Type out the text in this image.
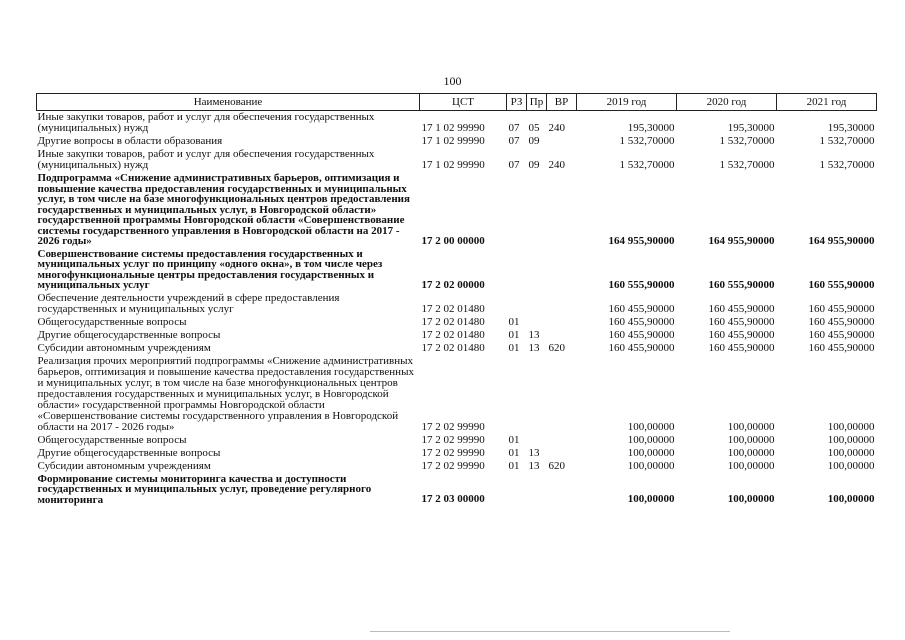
100
Наименование	ЦСТ	РЗ	Пр	ВР	2019 год	2020 год	2021 год
Иные закупки товаров, работ и услуг для обеспечения государственных (муниципальных) нужд	17 1 02 99990	07	05	240	195,30000	195,30000	195,30000
Другие вопросы в области образования	17 1 02 99990	07	09		1 532,70000	1 532,70000	1 532,70000
Иные закупки товаров, работ и услуг для обеспечения государственных (муниципальных) нужд	17 1 02 99990	07	09	240	1 532,70000	1 532,70000	1 532,70000
Подпрограмма «Снижение административных барьеров, оптимизация и повышение качества предоставления государственных и муниципальных услуг, в том числе на базе многофункциональных центров предоставления государственных и муниципальных услуг, в Новгородской области» государственной программы Новгородской области «Совершенствование системы государственного управления в Новгородской области на 2017 - 2026 годы»	17 2 00 00000				164 955,90000	164 955,90000	164 955,90000
Совершенствование системы предоставления государственных и муниципальных услуг по принципу «одного окна», в том числе через многофункциональные центры предоставления государственных и муниципальных услуг	17 2 02 00000				160 555,90000	160 555,90000	160 555,90000
Обеспечение деятельности учреждений в сфере предоставления государственных и муниципальных услуг	17 2 02 01480				160 455,90000	160 455,90000	160 455,90000
Общегосударственные вопросы	17 2 02 01480	01			160 455,90000	160 455,90000	160 455,90000
Другие общегосударственные вопросы	17 2 02 01480	01	13		160 455,90000	160 455,90000	160 455,90000
Субсидии автономным учреждениям	17 2 02 01480	01	13	620	160 455,90000	160 455,90000	160 455,90000
Реализация прочих мероприятий подпрограммы «Снижение административных барьеров, оптимизация и повышение качества предоставления государственных и муниципальных услуг, в том числе на базе многофункциональных центров предоставления государственных и муниципальных услуг, в Новгородской области» государственной программы Новгородской области «Совершенствование системы государственного управления в Новгородской области на 2017 - 2026 годы»	17 2 02 99990				100,00000	100,00000	100,00000
Общегосударственные вопросы	17 2 02 99990	01			100,00000	100,00000	100,00000
Другие общегосударственные вопросы	17 2 02 99990	01	13		100,00000	100,00000	100,00000
Субсидии автономным учреждениям	17 2 02 99990	01	13	620	100,00000	100,00000	100,00000
Формирование системы мониторинга качества и доступности государственных и муниципальных услуг, проведение регулярного мониторинга	17 2 03 00000				100,00000	100,00000	100,00000
